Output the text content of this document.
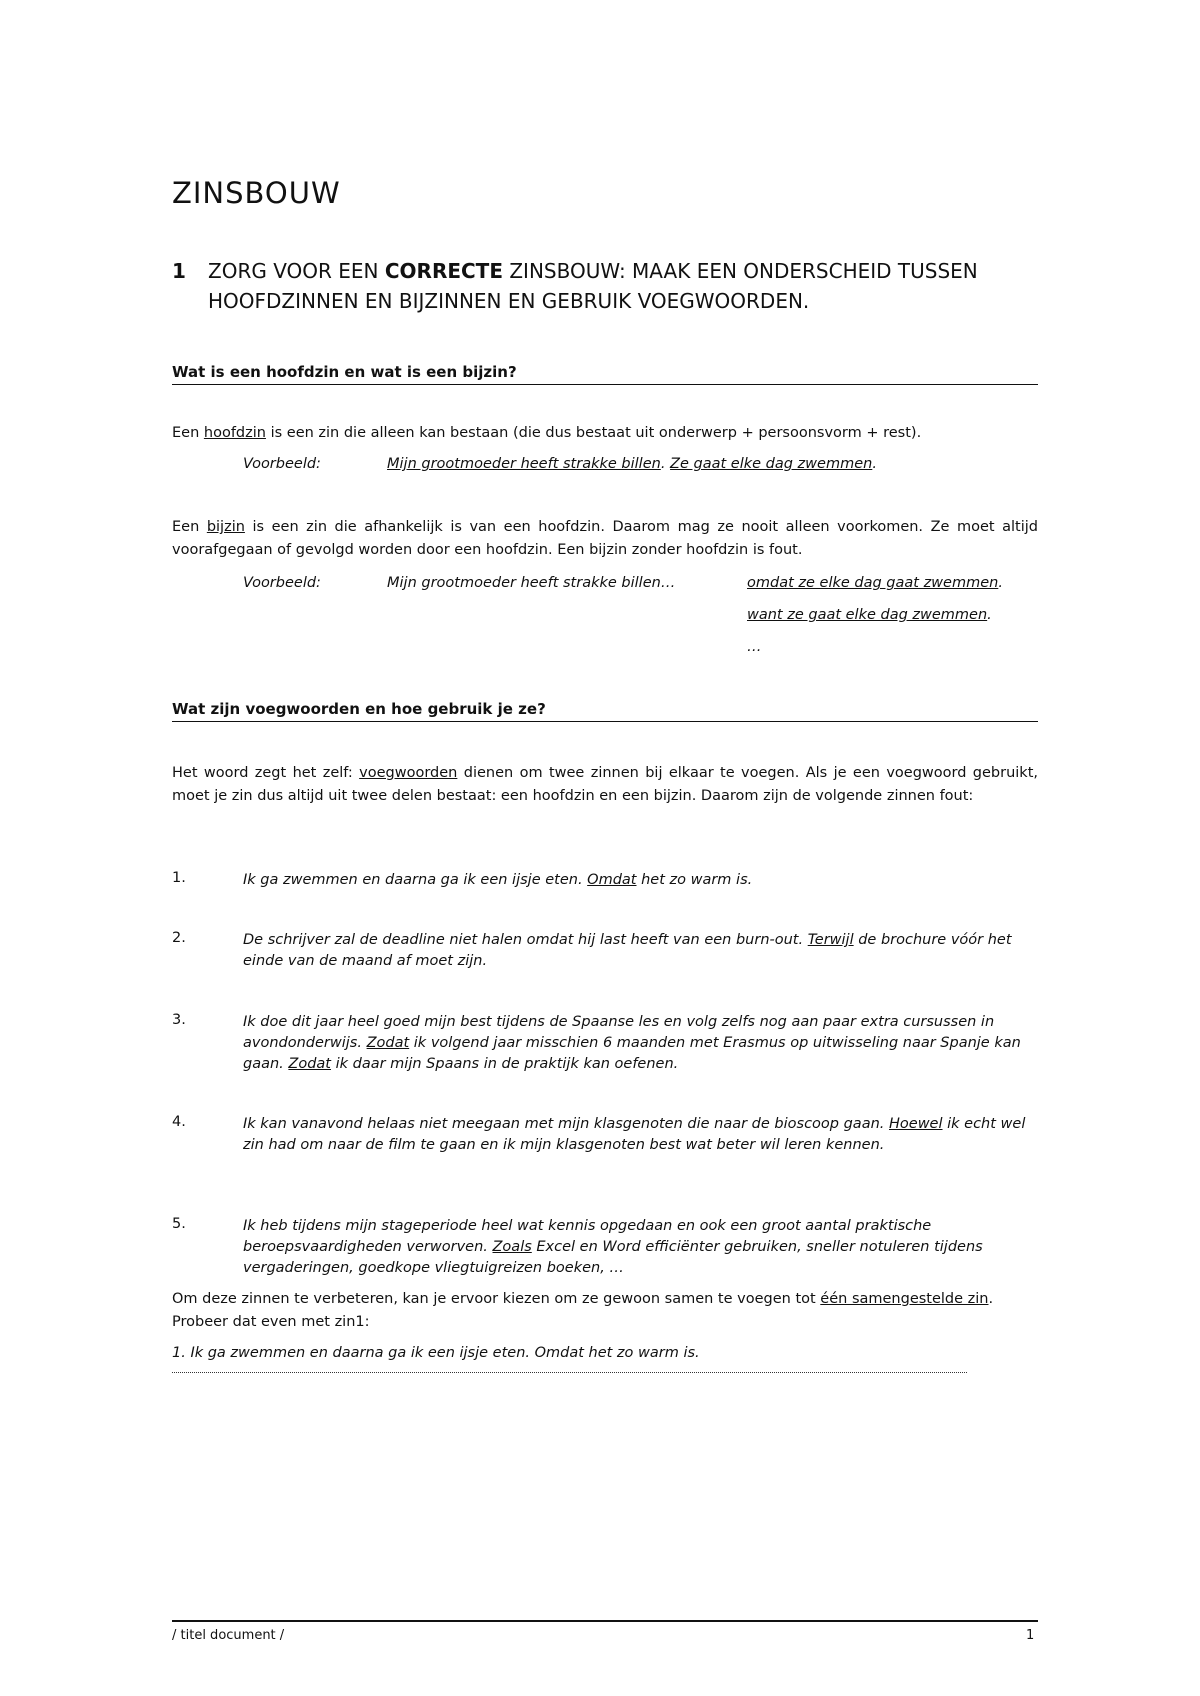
ZINSBOUW
1 ZORG VOOR EEN CORRECTE ZINSBOUW: MAAK EEN ONDERSCHEID TUSSEN HOOFDZINNEN EN BIJZINNEN EN GEBRUIK VOEGWOORDEN.
Wat is een hoofdzin en wat is een bijzin?
Een hoofdzin is een zin die alleen kan bestaan (die dus bestaat uit onderwerp + persoonsvorm + rest).
Voorbeeld:	Mijn grootmoeder heeft strakke billen. Ze gaat elke dag zwemmen.
Een bijzin is een zin die afhankelijk is van een hoofdzin. Daarom mag ze nooit alleen voorkomen. Ze moet altijd voorafgegaan of gevolgd worden door een hoofdzin. Een bijzin zonder hoofdzin is fout.
Voorbeeld:	Mijn grootmoeder heeft strakke billen…	omdat ze elke dag gaat zwemmen.
want ze gaat elke dag zwemmen.
…
Wat zijn voegwoorden en hoe gebruik je ze?
Het woord zegt het zelf: voegwoorden dienen om twee zinnen bij elkaar te voegen. Als je een voegwoord gebruikt, moet je zin dus altijd uit twee delen bestaat: een hoofdzin en een bijzin. Daarom zijn de volgende zinnen fout:
1.	Ik ga zwemmen en daarna ga ik een ijsje eten. Omdat het zo warm is.
2.	De schrijver zal de deadline niet halen omdat hij last heeft van een burn-out. Terwijl de brochure vóór het einde van de maand af moet zijn.
3.	Ik doe dit jaar heel goed mijn best tijdens de Spaanse les en volg zelfs nog aan paar extra cursussen in avondonderwijs. Zodat ik volgend jaar misschien 6 maanden met Erasmus op uitwisseling naar Spanje kan gaan. Zodat ik daar mijn Spaans in de praktijk kan oefenen.
4.	Ik kan vanavond helaas niet meegaan met mijn klasgenoten die naar de bioscoop gaan. Hoewel ik echt wel zin had om naar de film te gaan en ik mijn klasgenoten best wat beter wil leren kennen.
5.	Ik heb tijdens mijn stageperiode heel wat kennis opgedaan en ook een groot aantal praktische beroepsvaardigheden verworven. Zoals Excel en Word efficiënter gebruiken, sneller notuleren tijdens vergaderingen, goedkope vliegtuigreizen boeken, …
Om deze zinnen te verbeteren, kan je ervoor kiezen om ze gewoon samen te voegen tot één samengestelde zin. Probeer dat even met zin1:
1. Ik ga zwemmen en daarna ga ik een ijsje eten. Omdat het zo warm is.
/ titel document /	1
